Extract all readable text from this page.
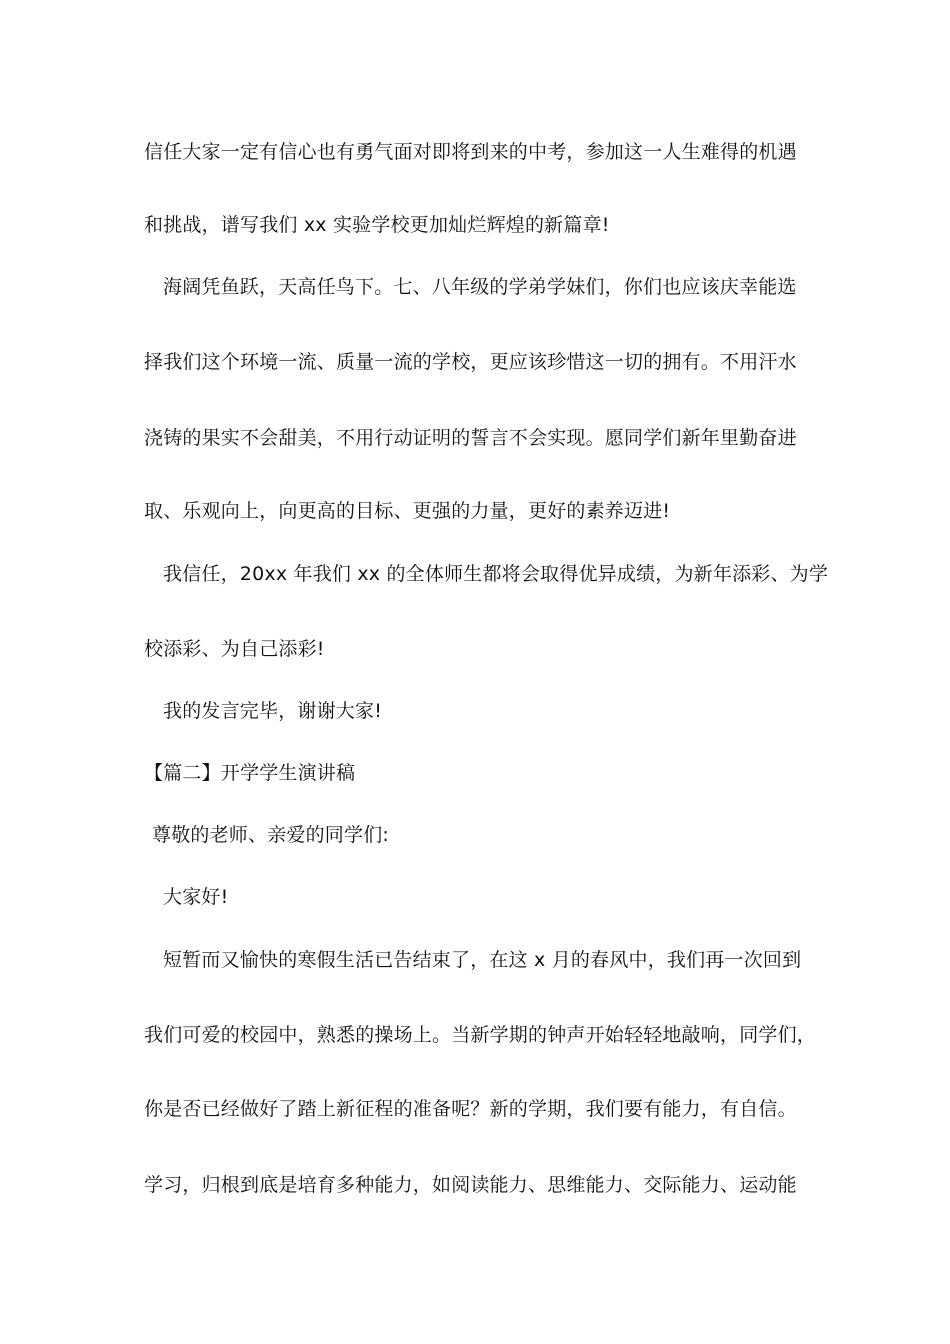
信任大家一定有信心也有勇气面对即将到来的中考，参加这一人生难得的机遇
和挑战，谱写我们 xx 实验学校更加灿烂辉煌的新篇章!
海阔凭鱼跃，天高任鸟下。七、八年级的学弟学妹们，你们也应该庆幸能选
择我们这个环境一流、质量一流的学校，更应该珍惜这一切的拥有。不用汗水
浇铸的果实不会甜美，不用行动证明的誓言不会实现。愿同学们新年里勤奋进
取、乐观向上，向更高的目标、更强的力量，更好的素养迈进!
我信任，20xx 年我们 xx 的全体师生都将会取得优异成绩，为新年添彩、为学
校添彩、为自己添彩!
我的发言完毕，谢谢大家!
【篇二】开学学生演讲稿
尊敬的老师、亲爱的同学们:
大家好!
短暂而又愉快的寒假生活已告结束了，在这 x 月的春风中，我们再一次回到
我们可爱的校园中，熟悉的操场上。当新学期的钟声开始轻轻地敲响，同学们，
你是否已经做好了踏上新征程的准备呢？新的学期，我们要有能力，有自信。
学习，归根到底是培育多种能力，如阅读能力、思维能力、交际能力、运动能
